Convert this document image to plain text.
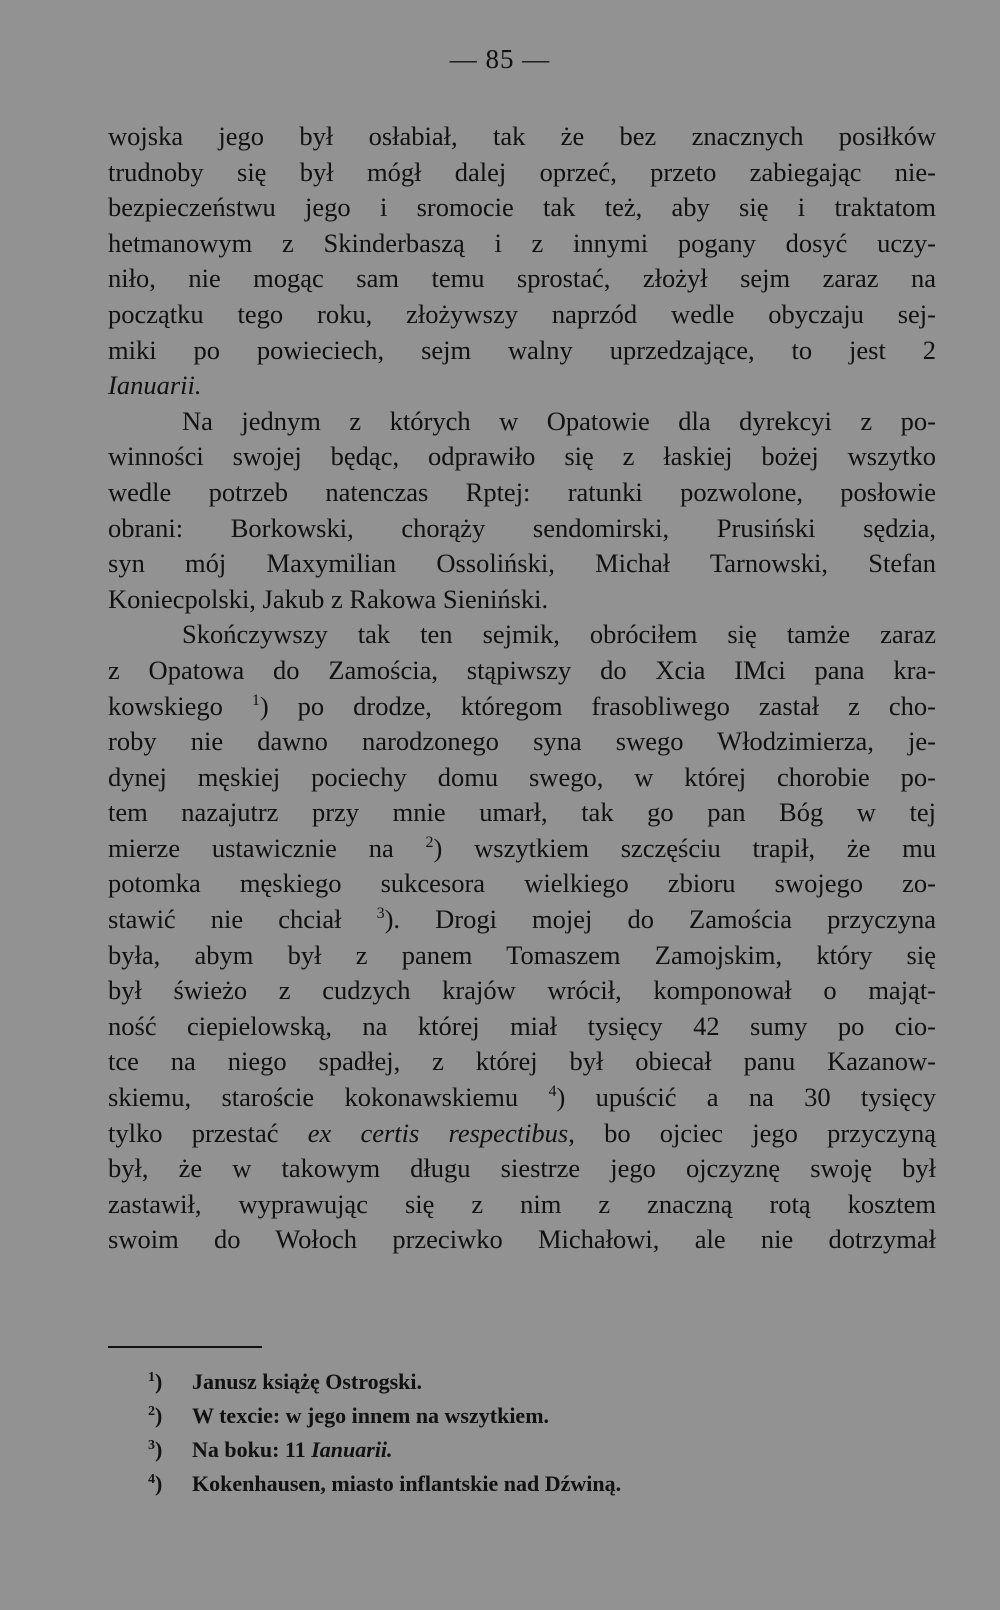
— 85 —
wojska jego był osłabiał, tak że bez znacznych posiłków
trudnoby się był mógł dalej oprzeć, przeto zabiegając nie-
bezpieczeństwu jego i sromocie tak też, aby się i traktatom
hetmanowym z Skinderbaszą i z innymi pogany dosyć uczy-
niło, nie mogąc sam temu sprostać, złożył sejm zaraz na
początku tego roku, złożywszy naprzód wedle obyczaju sej-
miki po powieciech, sejm walny uprzedzające, to jest 2
Ianuarii.
Na jednym z których w Opatowie dla dyrekcyi z po-
winności swojej będąc, odprawiło się z łaskiej bożej wszytko
wedle potrzeb natenczas Rptej: ratunki pozwolone, posłowie
obrani: Borkowski, chorąży sendomirski, Prusiński sędzia,
syn mój Maxymilian Ossoliński, Michał Tarnowski, Stefan
Koniecpolski, Jakub z Rakowa Sieniński.
Skończywszy tak ten sejmik, obróciłem się tamże zaraz
z Opatowa do Zamościa, stąpiwszy do Xcia IMci pana kra-
kowskiego $^1$) po drodze, któregom frasobliwego zastał z cho-
roby nie dawno narodzonego syna swego Włodzimierza, je-
dynej męskiej pociechy domu swego, w której chorobie po-
tem nazajutrz przy mnie umarł, tak go pan Bóg w tej
mierze ustawicznie na $^2$) wszytkiem szczęściu trapił, że mu
potomka męskiego sukcesora wielkiego zbioru swojego zo-
stawić nie chciał $^3$). Drogi mojej do Zamościa przyczyna
była, abym był z panem Tomaszem Zamojskim, który się
był świeżo z cudzych krajów wrócił, komponował o mająt-
ność ciepielowską, na której miał tysięcy 42 sumy po cio-
tce na niego spadłej, z której był obiecał panu Kazanow-
skiemu, staroście kokonawskiemu $^4$) upuścić a na 30 tysięcy
tylko przestać ex certis respectibus, bo ojciec jego przyczyną
był, że w takowym długu siestrze jego ojczyznę swoję był
zastawił, wyprawując się z nim z znaczną rotą kosztem
swoim do Wołoch przeciwko Michałowi, ale nie dotrzymał
$^1$) Janusz książę Ostrogski.
$^2$) W texcie: w jego innem na wszytkiem.
$^3$) Na boku: 11 Ianuarii.
$^4$) Kokenhausen, miasto inflantskie nad Dźwiną.
